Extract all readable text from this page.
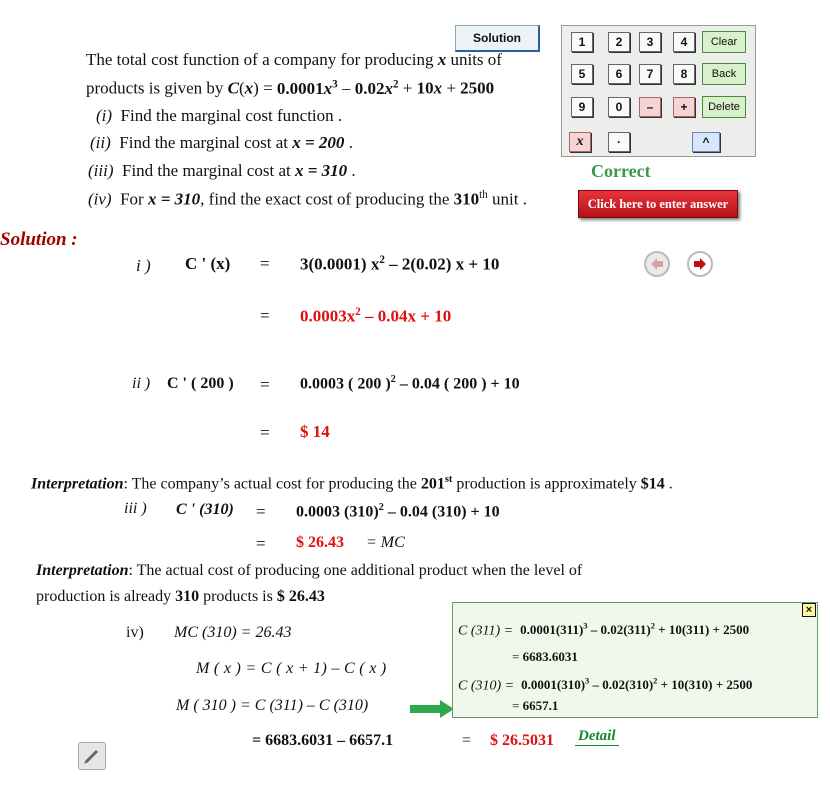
Solution	1	2	3	4	Clear
5	6	7	8	Back
9	0	–	+	Delete
x	·	^
Correct
Click here to enter answer
The total cost function of a company for producing x units of
products is given by $C(x) = 0.0001x^3 - 0.02x^2 + 10x + 2500$
(i) Find the marginal cost function .
(ii) Find the marginal cost at x = 200 .
(iii) Find the marginal cost at x = 310 .
(iv) For x = 310, find the exact cost of producing the 310th unit .
Solution :
i ) C ' (x) = 3(0.0001) $x^2 - 2(0.02) x + 10$
= $0.0003x^2 - 0.04x + 10$
ii ) C ' ( 200 ) = 0.0003 ( 200 )$^2$ – 0.04 ( 200 ) + 10
= $ 14
Interpretation: The company’s actual cost for producing the 201st production is approximately $14 .
iii ) C ' (310) = 0.0003 $(310)^2 - 0.04$ (310) + 10
= $ 26.43 = MC
Interpretation: The actual cost of producing one additional product when the level of
production is already 310 products is $ 26.43
iv) MC (310) = 26.43
M ( x ) = C ( x + 1) – C ( x )
M ( 310 ) = C (311) – C (310)
= 6683.6031 – 6657.1	= $ 26.5031 Detail
×
C $(311) = 0.0001(311)^3 - 0.02(311)^2 + 10(311) + 2500$
= 6683.6031
C $(310) = 0.0001(310)^3 - 0.02(310)^2 + 10(310) + 2500$
= 6657.1
